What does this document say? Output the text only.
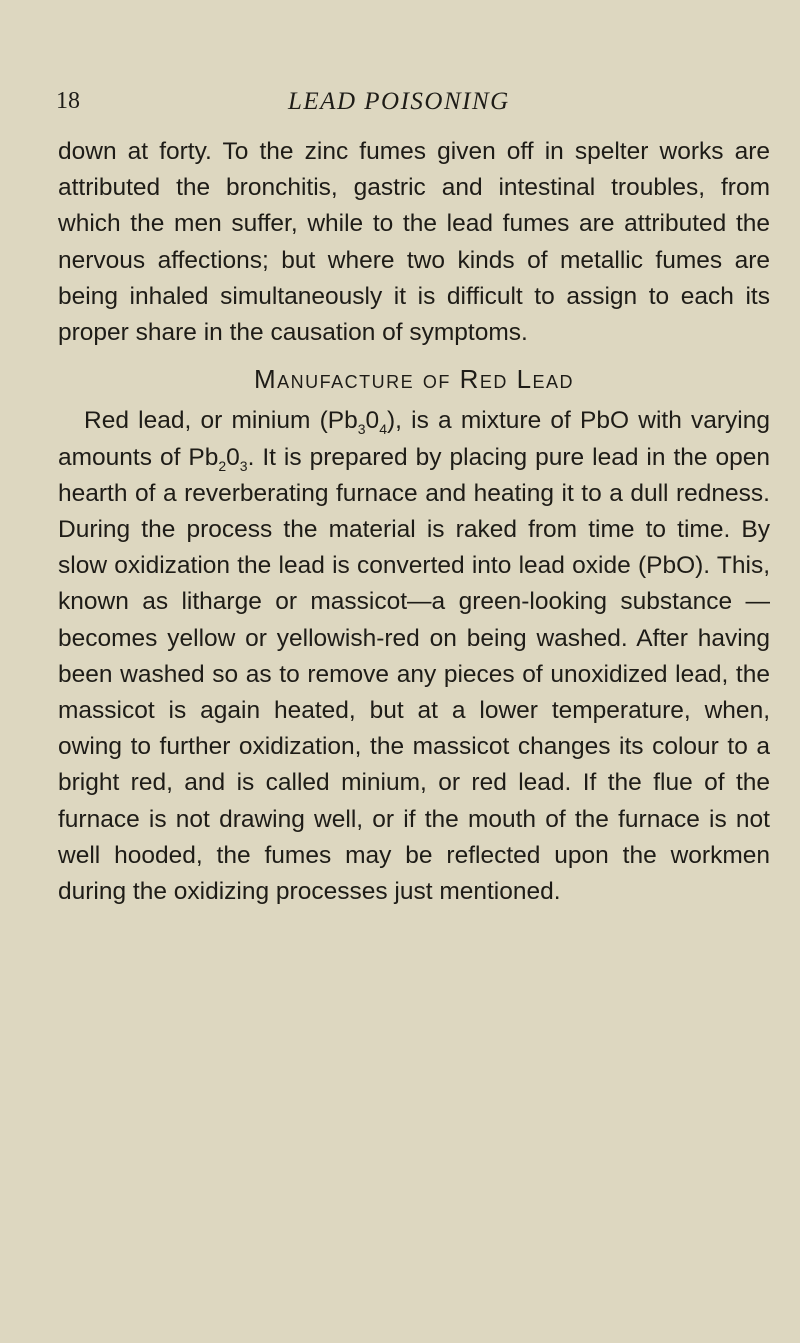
18	LEAD POISONING

down at forty. To the zinc fumes given off in spelter works are attributed the bronchitis, gastric and intestinal troubles, from which the men suffer, while to the lead fumes are attributed the nervous affections; but where two kinds of metallic fumes are being inhaled simultaneously it is difficult to assign to each its proper share in the causation of symptoms.

Manufacture of Red Lead

Red lead, or minium $(Pb_30_4)$, is a mixture of PbO with varying amounts of $Pb_20_3$. It is prepared by placing pure lead in the open hearth of a reverberating furnace and heating it to a dull redness. During the process the material is raked from time to time. By slow oxidization the lead is converted into lead oxide (PbO). This, known as litharge or massicot—a green-looking substance —becomes yellow or yellowish-red on being washed. After having been washed so as to remove any pieces of unoxidized lead, the massicot is again heated, but at a lower temperature, when, owing to further oxidization, the massicot changes its colour to a bright red, and is called minium, or red lead. If the flue of the furnace is not drawing well, or if the mouth of the furnace is not well hooded, the fumes may be reflected upon the workmen during the oxidizing processes just mentioned.
